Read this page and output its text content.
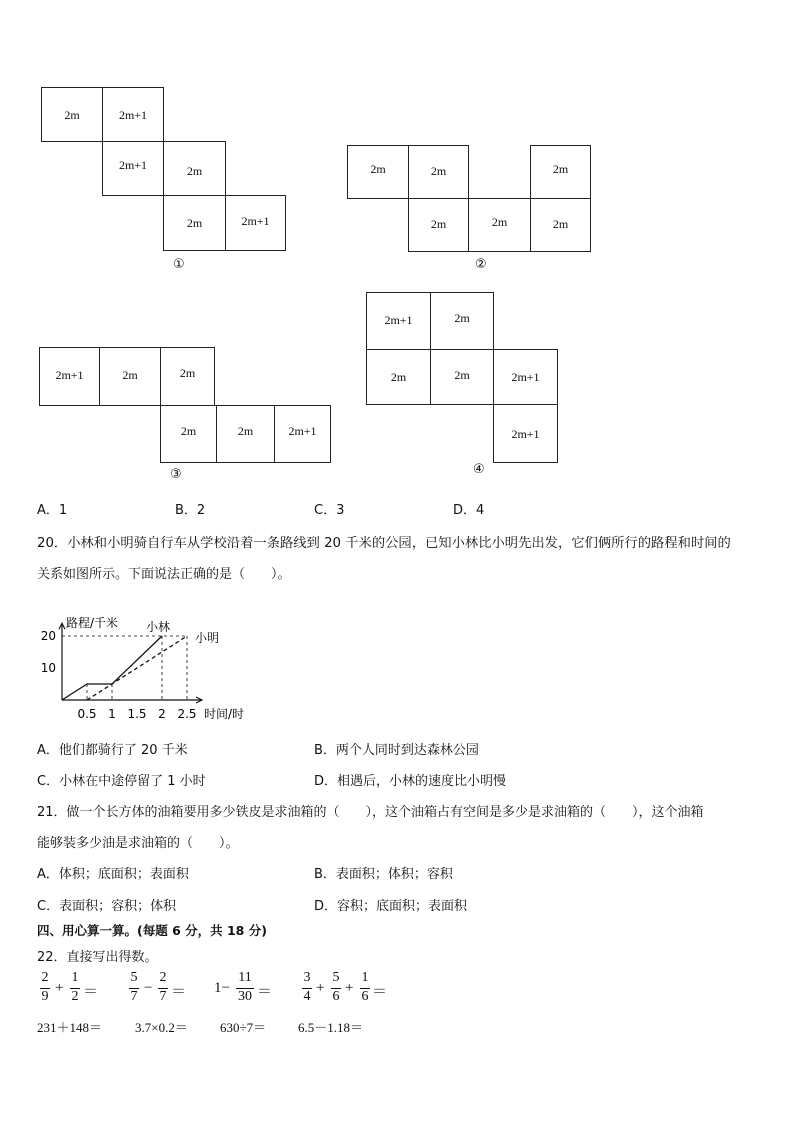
2m	2m+1
2m+1	2m
2m	2m+1
①
2m	2m	2m
2m	2m	2m
②
2m+1	2m	2m
2m	2m	2m+1
③
2m+1	2m
2m	2m	2m+1
2m+1
④
A．1	B．2	C．3	D．4
20．小林和小明骑自行车从学校沿着一条路线到 20 千米的公园，已知小林比小明先出发，它们俩所行的路程和时间的
关系如图所示。下面说法正确的是（　　）。
路程/千米
时间/时
0.5 1 1.5 2 2.5
10
20
小林
小明
A．他们都骑行了 20 千米	B．两个人同时到达森林公园
C．小林在中途停留了 1 小时	D．相遇后，小林的速度比小明慢
21．做一个长方体的油箱要用多少铁皮是求油箱的（　　），这个油箱占有空间是多少是求油箱的（　　），这个油箱
能够装多少油是求油箱的（　　）。
A．体积；底面积；表面积	B．表面积；体积；容积
C．表面积；容积；体积	D．容积；底面积；表面积
四、用心算一算。(每题 6 分，共 18 分)
22．直接写出得数。
2
9
+
1
2 ＝
5
7
−
2
7 ＝ 1−
11
30 ＝
3
4
+
5
6
+
1
6 ＝
231＋148＝	3.7×0.2＝ 630÷7＝ 6.5－1.18＝
